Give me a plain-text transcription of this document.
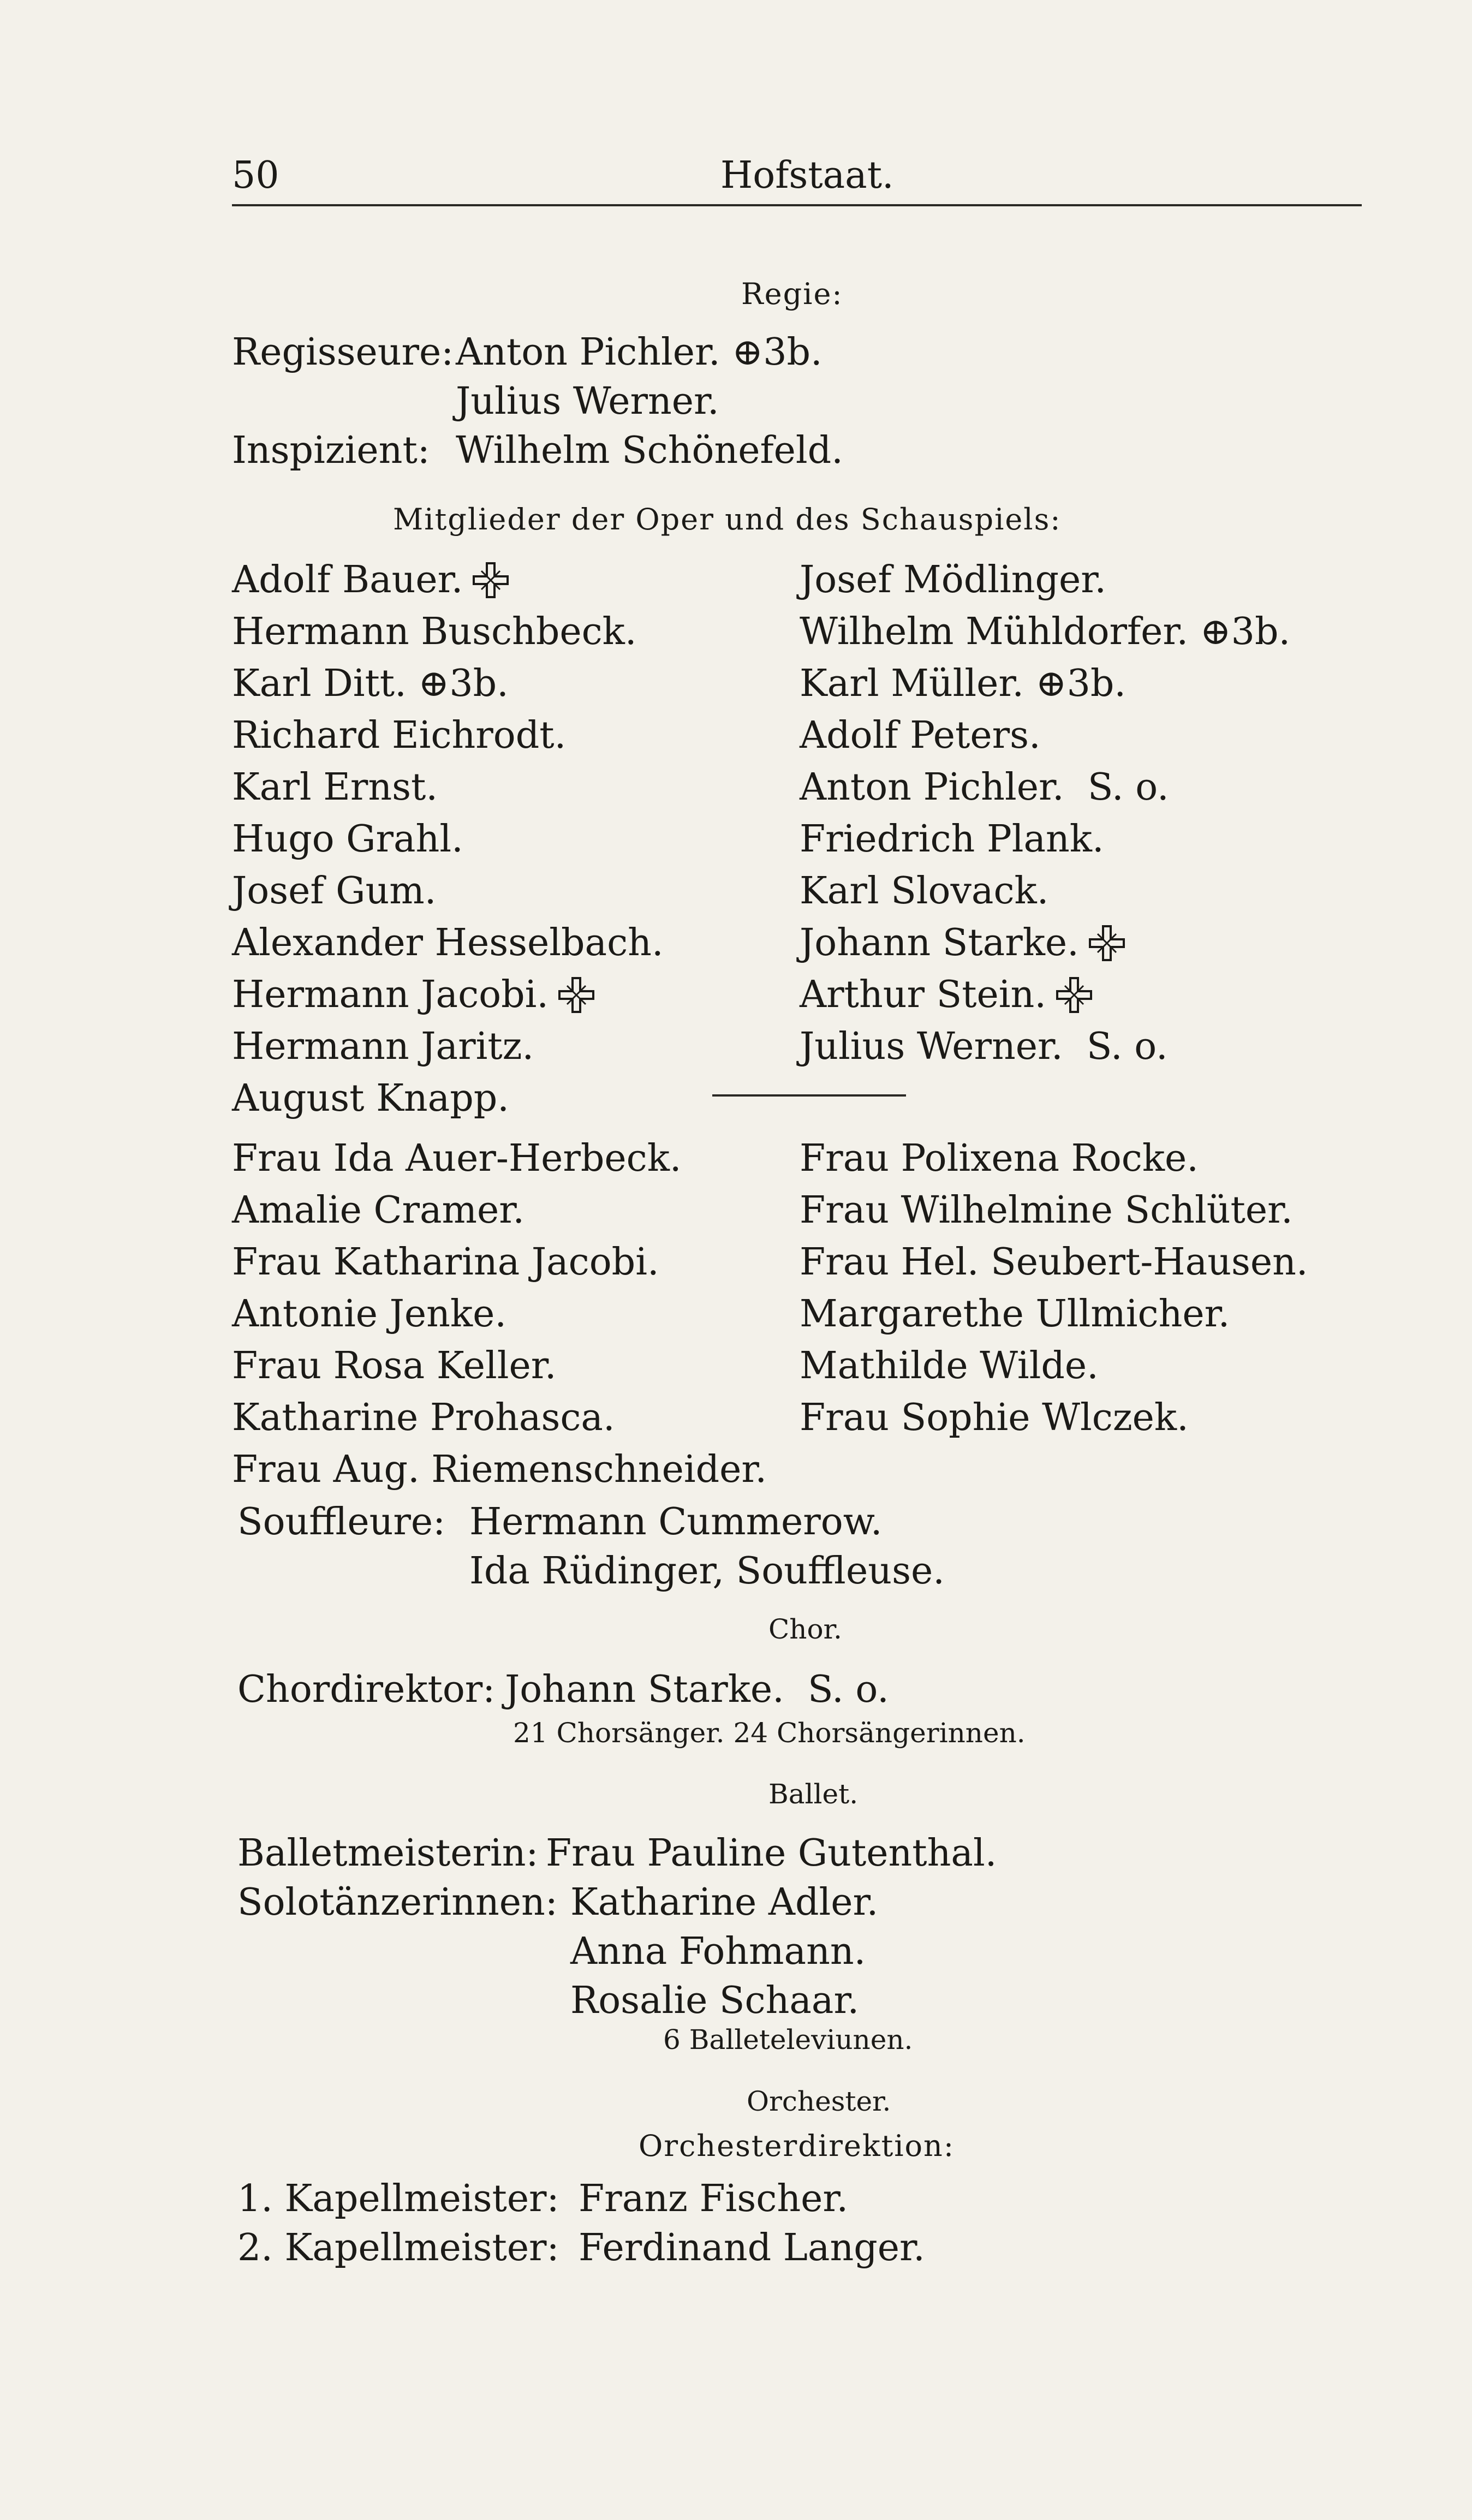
50	Hofstaat.
Regie:
Regisseure: Anton Pichler. ⊕3b.
Julius Werner.
Inspizient: Wilhelm Schönefeld.
Mitglieder der Oper und des Schauspiels:
Adolf Bauer.
Hermann Buschbeck.
Karl Ditt. ⊕3b.
Richard Eichrodt.
Karl Ernst.
Hugo Grahl.
Josef Gum.
Alexander Hesselbach.
Hermann Jacobi.
Hermann Jaritz.
August Knapp.
Josef Mödlinger.
Wilhelm Mühldorfer. ⊕3b.
Karl Müller. ⊕3b.
Adolf Peters.
Anton Pichler. S. o.
Friedrich Plank.
Karl Slovack.
Johann Starke.
Arthur Stein.
Julius Werner. S. o.
Frau Ida Auer-Herbeck.
Amalie Cramer.
Frau Katharina Jacobi.
Antonie Jenke.
Frau Rosa Keller.
Katharine Prohasca.
Frau Aug. Riemenschneider.
Frau Polixena Rocke.
Frau Wilhelmine Schlüter.
Frau Hel. Seubert-Hausen.
Margarethe Ullmicher.
Mathilde Wilde.
Frau Sophie Wlczek.
Souffleure: Hermann Cummerow.
Ida Rüdinger, Souffleuse.
Chor.
Chordirektor: Johann Starke. S. o.
21 Chorsänger. 24 Chorsängerinnen.
Ballet.
Balletmeisterin: Frau Pauline Gutenthal.
Solotänzerinnen: Katharine Adler.
Anna Fohmann.
Rosalie Schaar.
6 Balleteleviunen.
Orchester.
Orchesterdirektion:
1. Kapellmeister: Franz Fischer.
2. Kapellmeister: Ferdinand Langer.
